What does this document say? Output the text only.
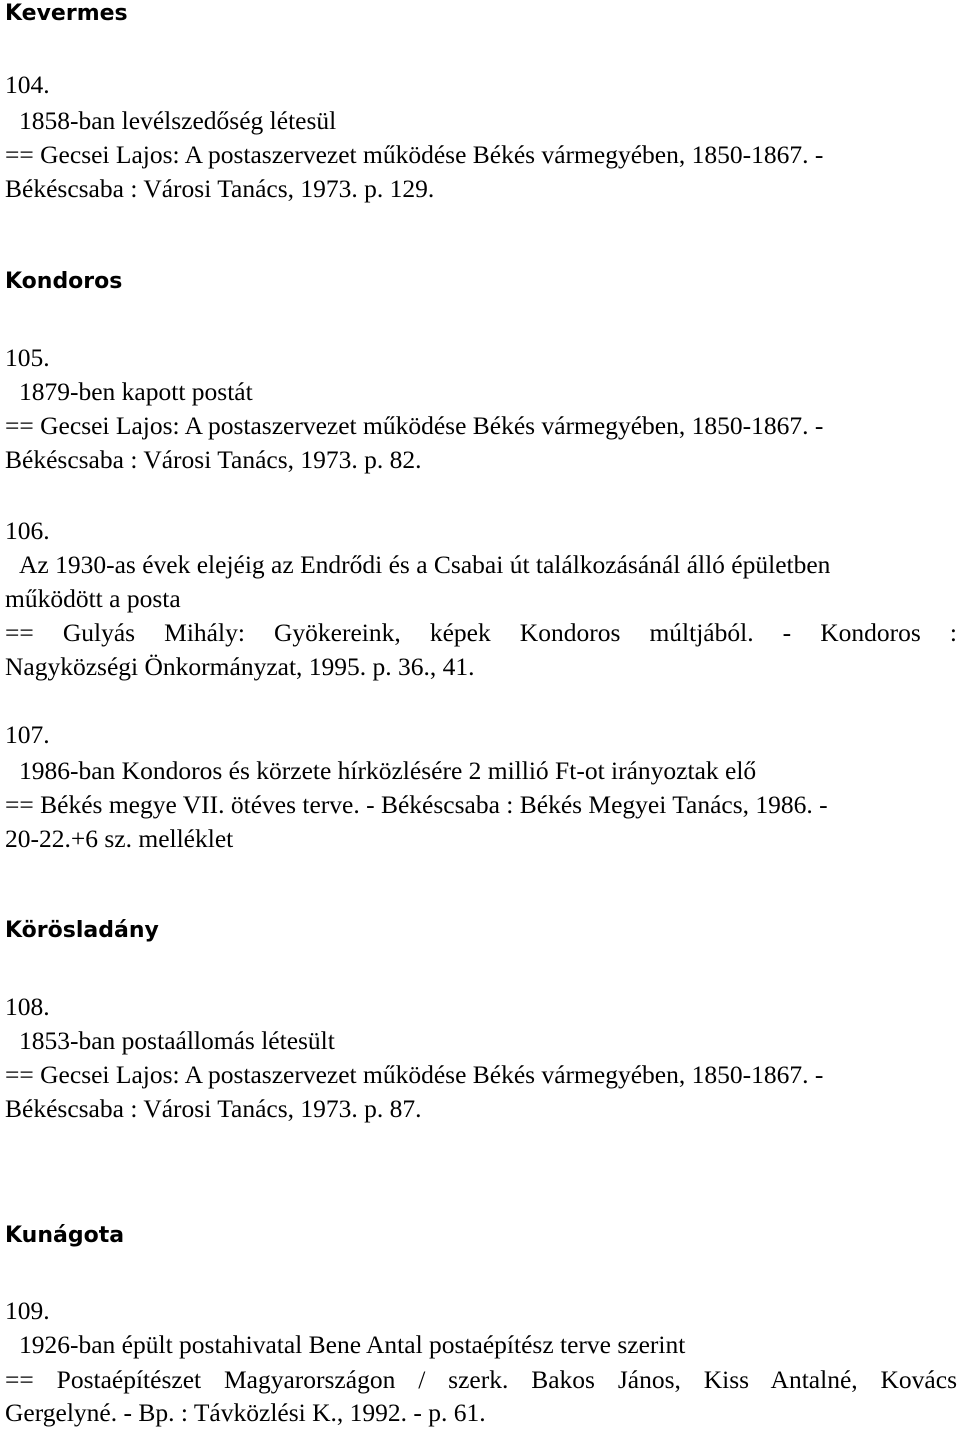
Kevermes
104.
1858-ban levélszedőség létesül
== Gecsei Lajos: A postaszervezet működése Békés vármegyében, 1850-1867. -
Békéscsaba : Városi Tanács, 1973. p. 129.
Kondoros
105.
1879-ben kapott postát
== Gecsei Lajos: A postaszervezet működése Békés vármegyében, 1850-1867. -
Békéscsaba : Városi Tanács, 1973. p. 82.
106.
Az 1930-as évek elejéig az Endrődi és a Csabai út találkozásánál álló épületben
működött a posta
== Gulyás Mihály: Gyökereink, képek Kondoros múltjából. - Kondoros :
Nagyközségi Önkormányzat, 1995. p. 36., 41.
107.
1986-ban Kondoros és körzete hírközlésére 2 millió Ft-ot irányoztak elő
== Békés megye VII. ötéves terve. - Békéscsaba : Békés Megyei Tanács, 1986. -
20-22.+6 sz. melléklet
Körösladány
108.
1853-ban postaállomás létesült
== Gecsei Lajos: A postaszervezet működése Békés vármegyében, 1850-1867. -
Békéscsaba : Városi Tanács, 1973. p. 87.
Kunágota
109.
1926-ban épült postahivatal Bene Antal postaépítész terve szerint
== Postaépítészet Magyarországon / szerk. Bakos János, Kiss Antalné, Kovács
Gergelyné. - Bp. : Távközlési K., 1992. - p. 61.
